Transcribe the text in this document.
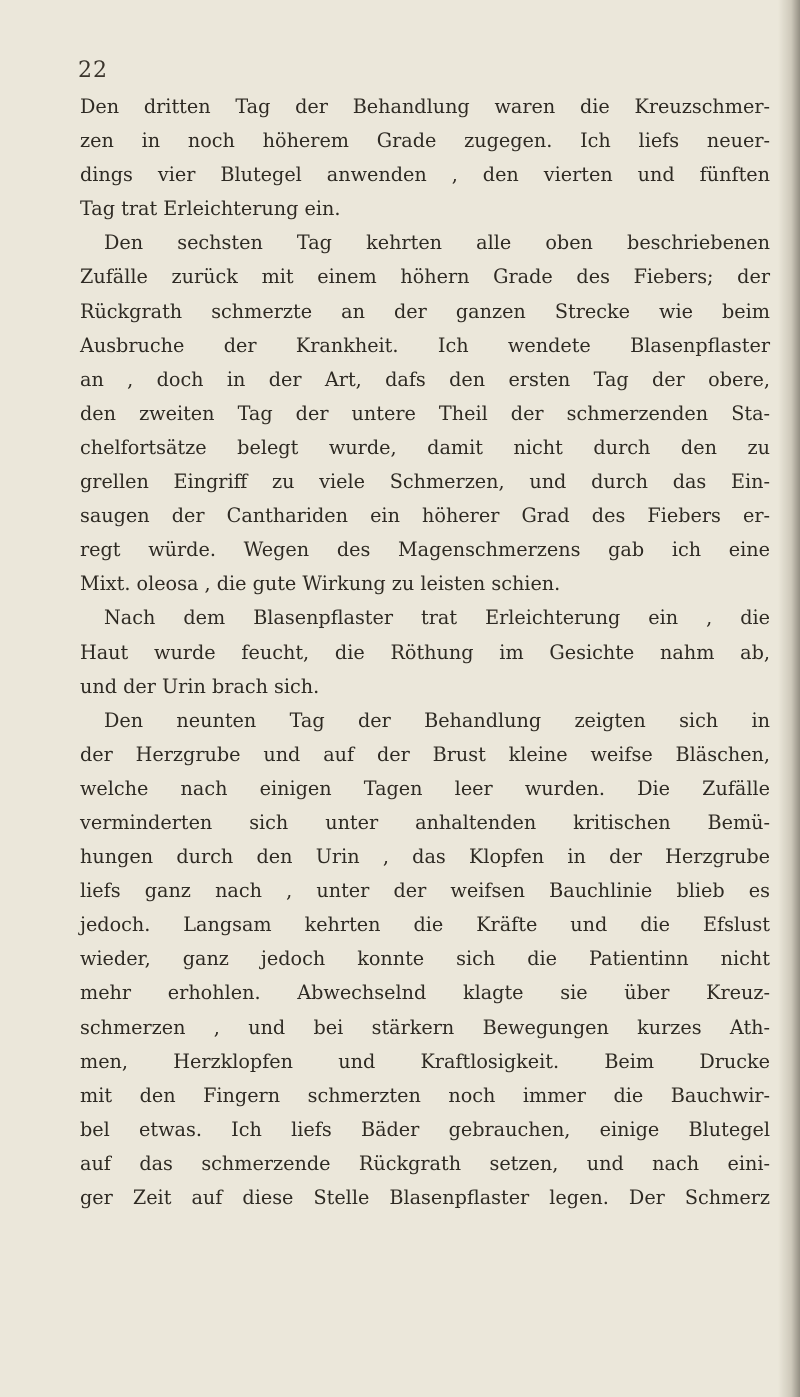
22
Den dritten Tag der Behandlung waren die Kreuzschmer-
zen in noch höherem Grade zugegen. Ich liefs neuer-
dings vier Blutegel anwenden , den vierten und fünften
Tag trat Erleichterung ein.
Den sechsten Tag kehrten alle oben beschriebenen
Zufälle zurück mit einem höhern Grade des Fiebers; der
Rückgrath schmerzte an der ganzen Strecke wie beim
Ausbruche der Krankheit. Ich wendete Blasenpflaster
an , doch in der Art, dafs den ersten Tag der obere,
den zweiten Tag der untere Theil der schmerzenden Sta-
chelfortsätze belegt wurde, damit nicht durch den zu
grellen Eingriff zu viele Schmerzen, und durch das Ein-
saugen der Canthariden ein höherer Grad des Fiebers er-
regt würde. Wegen des Magenschmerzens gab ich eine
Mixt. oleosa , die gute Wirkung zu leisten schien.
Nach dem Blasenpflaster trat Erleichterung ein , die
Haut wurde feucht, die Röthung im Gesichte nahm ab,
und der Urin brach sich.
Den neunten Tag der Behandlung zeigten sich in
der Herzgrube und auf der Brust kleine weifse Bläschen,
welche nach einigen Tagen leer wurden. Die Zufälle
verminderten sich unter anhaltenden kritischen Bemü-
hungen durch den Urin , das Klopfen in der Herzgrube
liefs ganz nach , unter der weifsen Bauchlinie blieb es
jedoch. Langsam kehrten die Kräfte und die Efslust
wieder, ganz jedoch konnte sich die Patientinn nicht
mehr erhohlen. Abwechselnd klagte sie über Kreuz-
schmerzen , und bei stärkern Bewegungen kurzes Ath-
men, Herzklopfen und Kraftlosigkeit. Beim Drucke
mit den Fingern schmerzten noch immer die Bauchwir-
bel etwas. Ich liefs Bäder gebrauchen, einige Blutegel
auf das schmerzende Rückgrath setzen, und nach eini-
ger Zeit auf diese Stelle Blasenpflaster legen. Der Schmerz
